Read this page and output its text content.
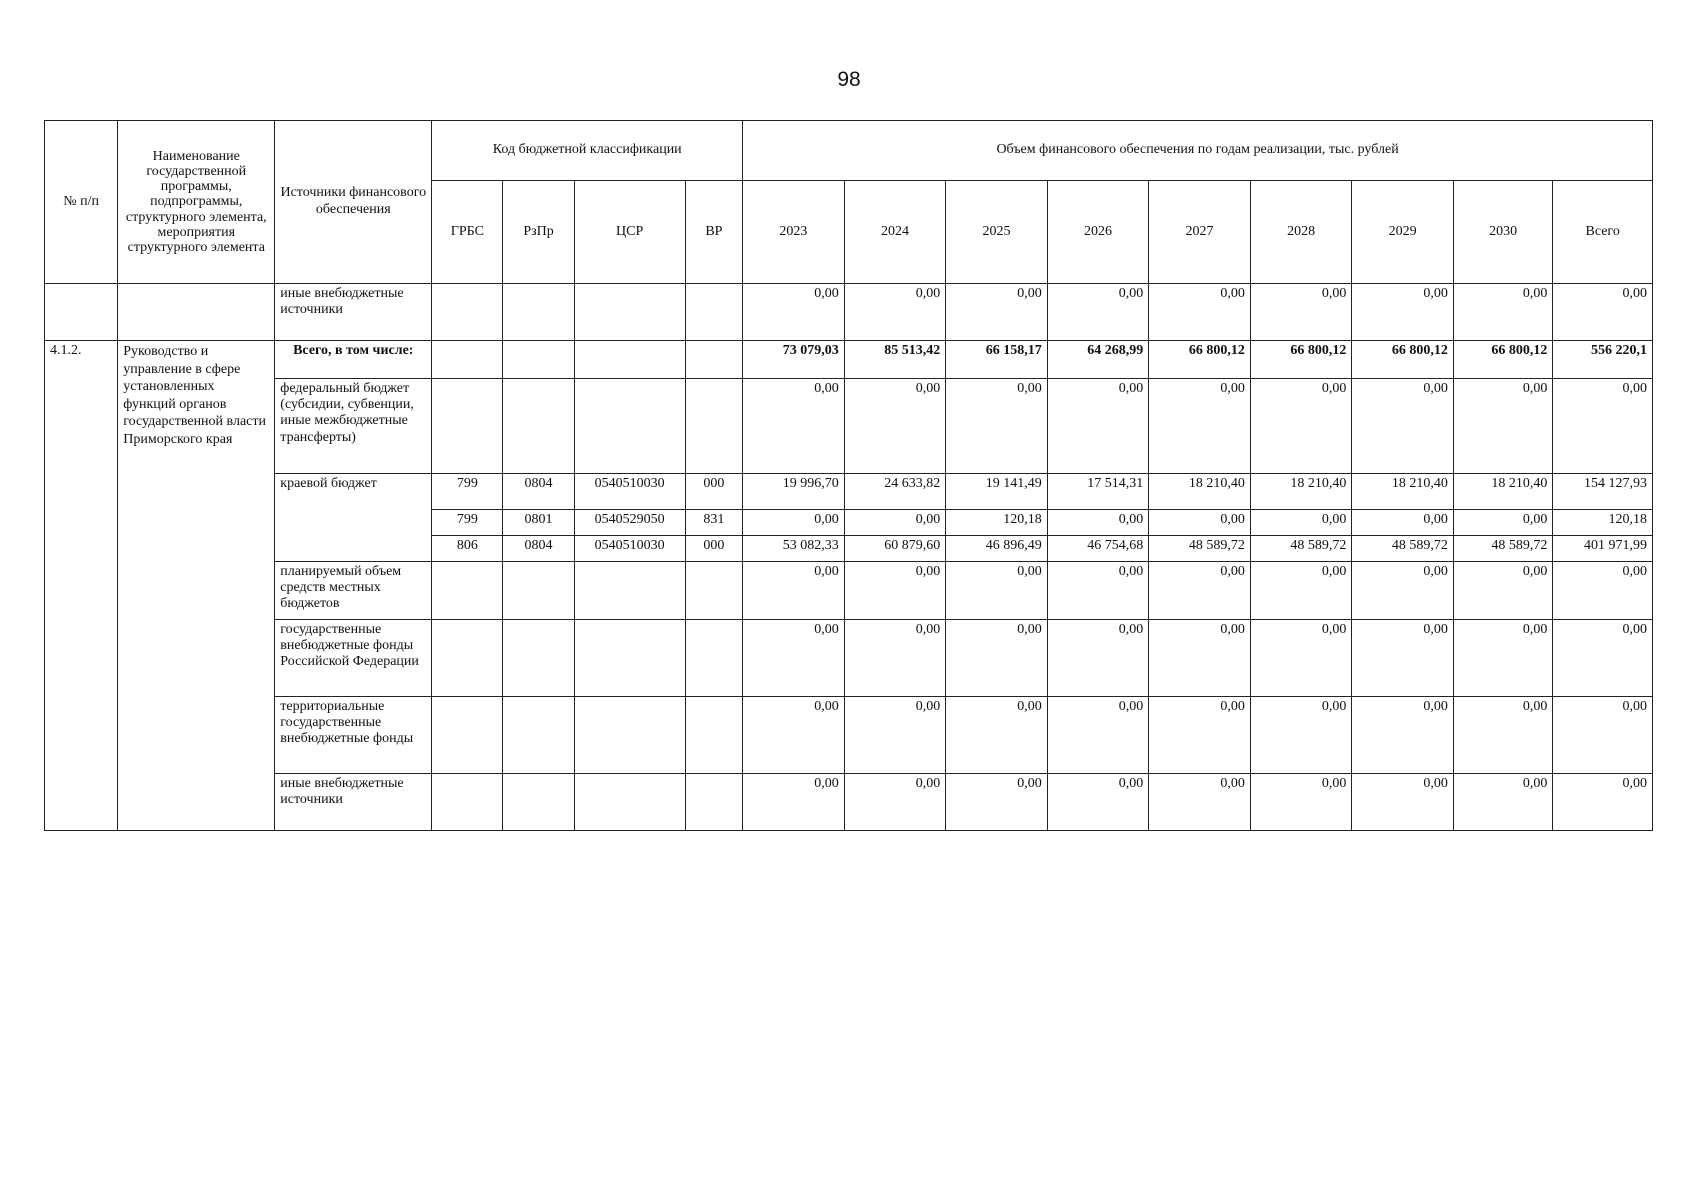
98
№ п/п	Наименование государственной программы, подпрограммы, структурного элемента, мероприятия структурного элемента	Источники финансового обеспечения	Код бюджетной классификации				Объем финансового обеспечения по годам реализации, тыс. рублей								
			ГРБС	РзПр	ЦСР	ВР	2023	2024	2025	2026	2027	2028	2029	2030	Всего
		иные внебюджетные источники					0,00	0,00	0,00	0,00	0,00	0,00	0,00	0,00	0,00
4.1.2.	Руководство и управление в сфере установленных функций органов государственной власти Приморского края	Всего, в том числе:					73 079,03	85 513,42	66 158,17	64 268,99	66 800,12	66 800,12	66 800,12	66 800,12	556 220,1
		федеральный бюджет (субсидии, субвенции, иные межбюджетные трансферты)					0,00	0,00	0,00	0,00	0,00	0,00	0,00	0,00	0,00
		краевой бюджет	799	0804	0540510030	000	19 996,70	24 633,82	19 141,49	17 514,31	18 210,40	18 210,40	18 210,40	18 210,40	154 127,93
			799	0801	0540529050	831	0,00	0,00	120,18	0,00	0,00	0,00	0,00	0,00	120,18
			806	0804	0540510030	000	53 082,33	60 879,60	46 896,49	46 754,68	48 589,72	48 589,72	48 589,72	48 589,72	401 971,99
		планируемый объем средств местных бюджетов					0,00	0,00	0,00	0,00	0,00	0,00	0,00	0,00	0,00
		государственные внебюджетные фонды Российской Федерации					0,00	0,00	0,00	0,00	0,00	0,00	0,00	0,00	0,00
		территориальные государственные внебюджетные фонды					0,00	0,00	0,00	0,00	0,00	0,00	0,00	0,00	0,00
		иные внебюджетные источники					0,00	0,00	0,00	0,00	0,00	0,00	0,00	0,00	0,00
